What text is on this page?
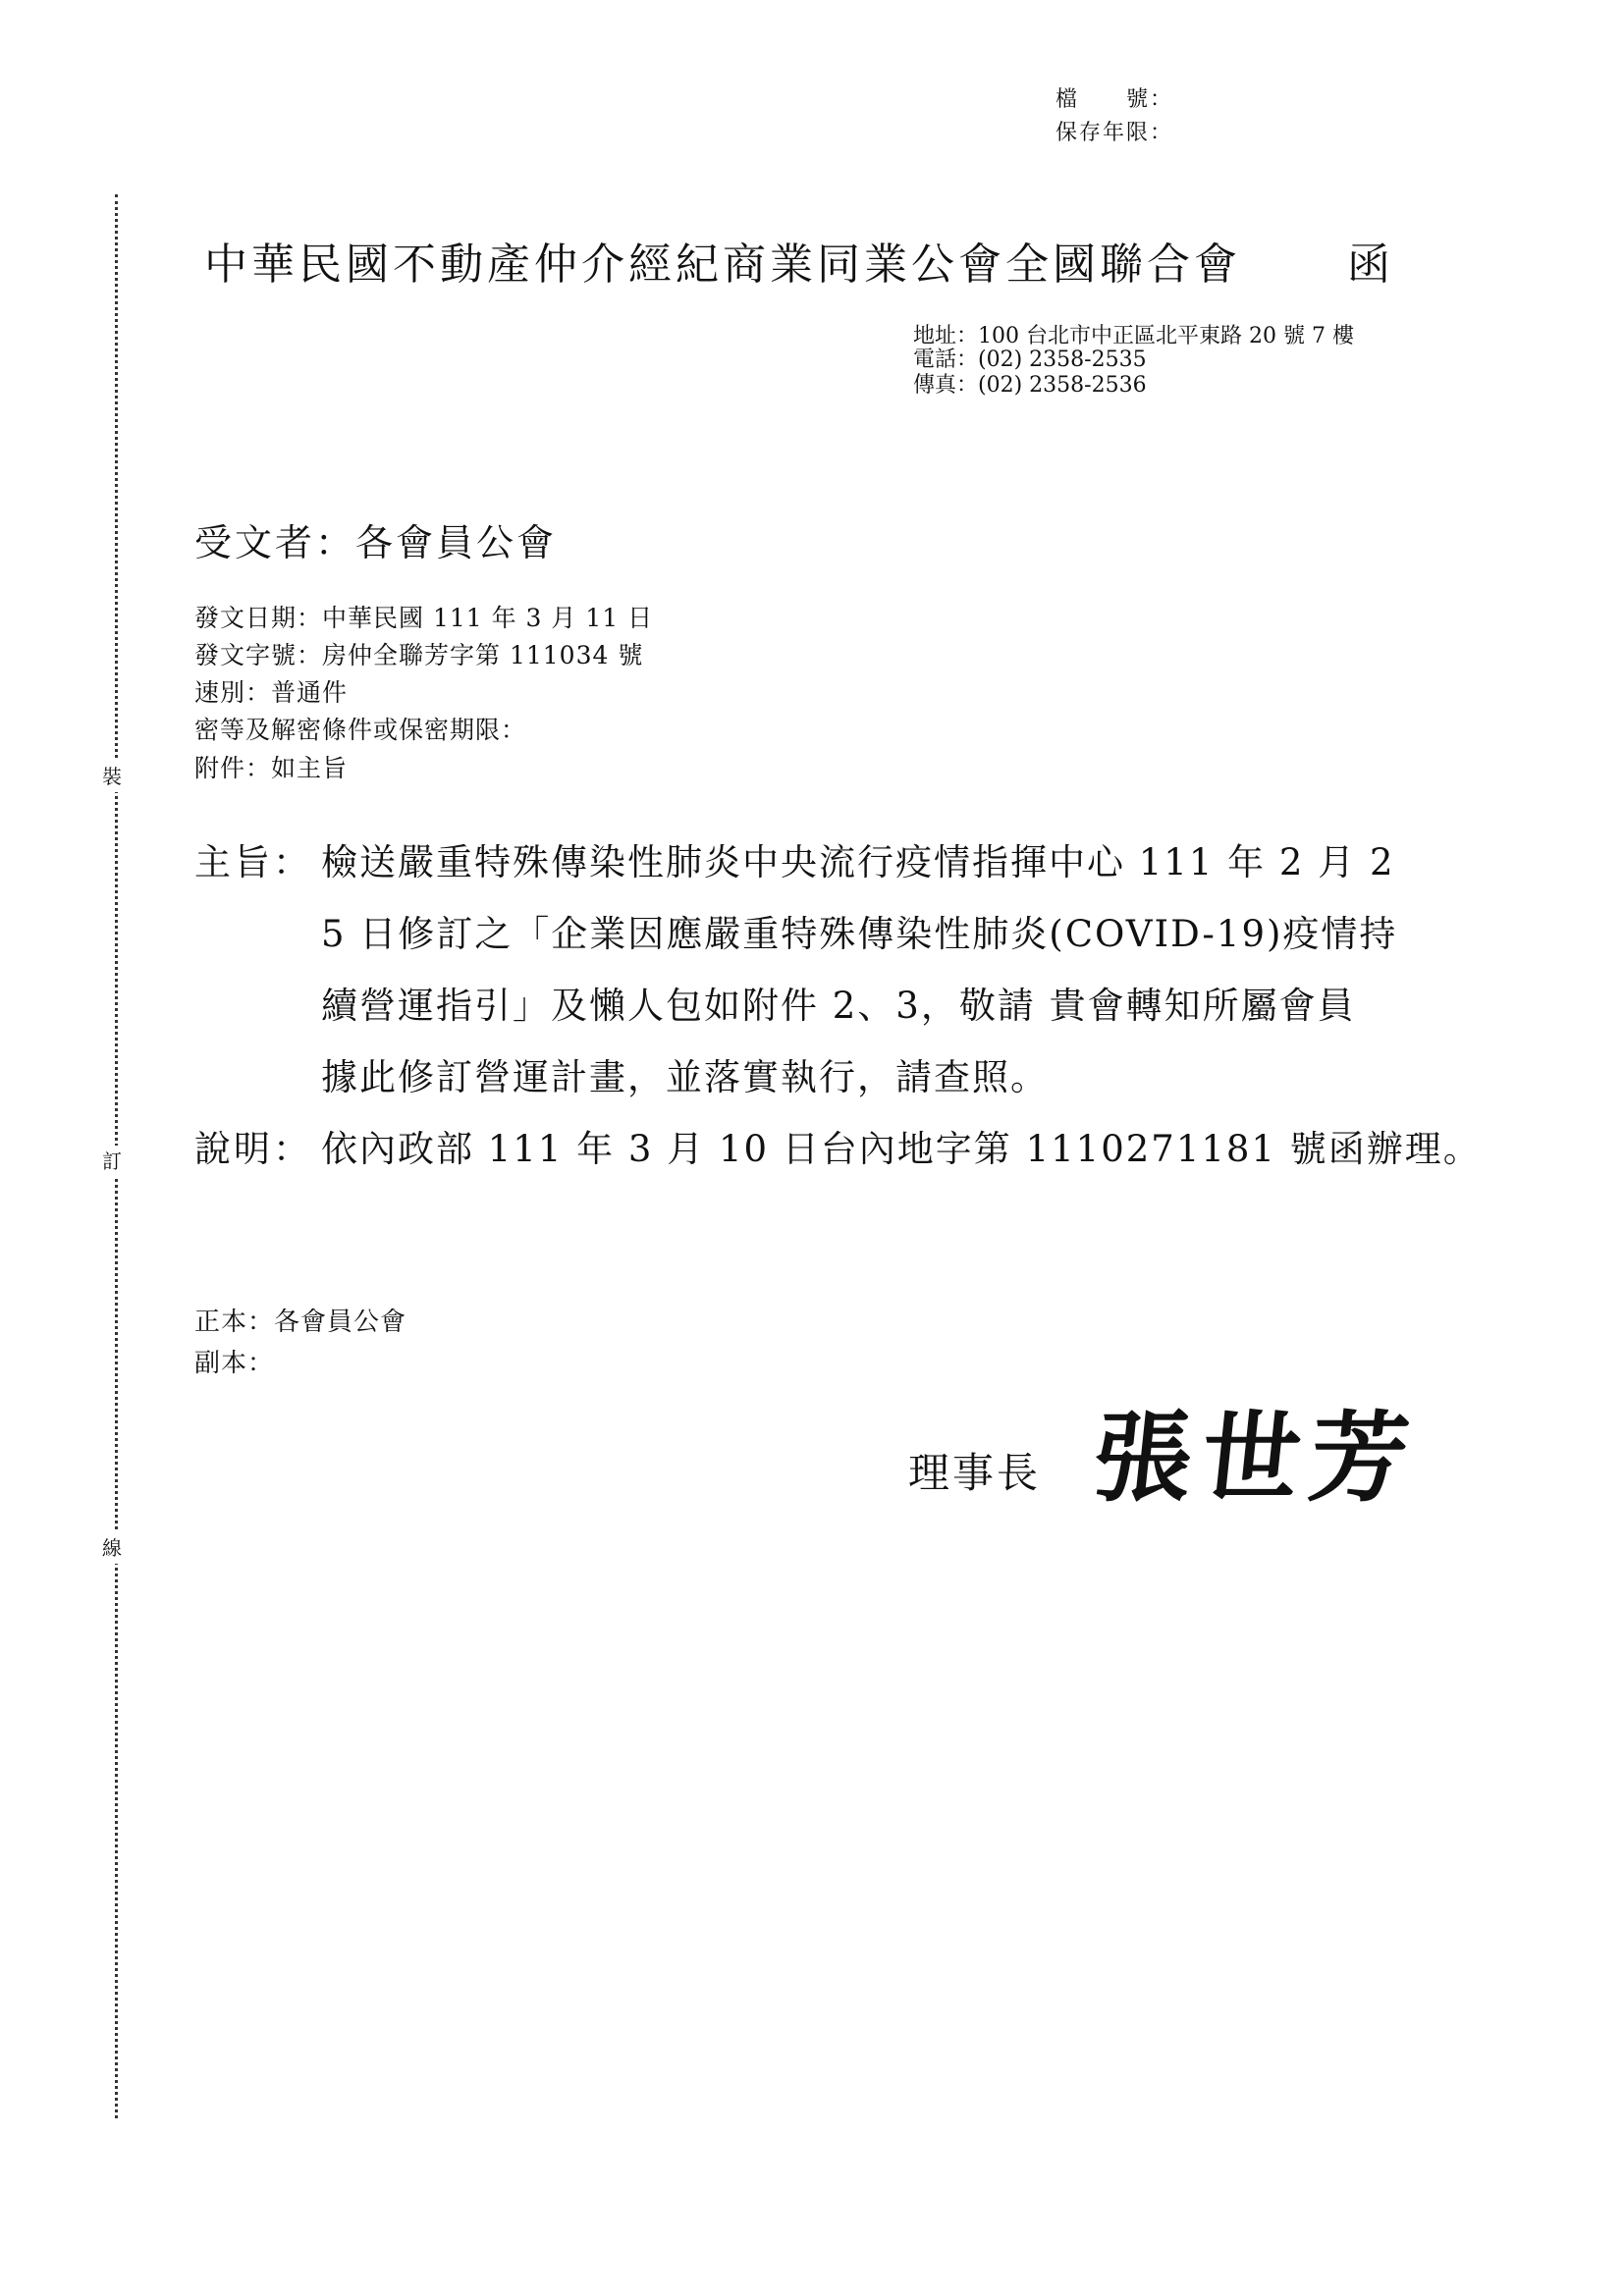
檔　　號：
保存年限：
裝
訂
線
中華民國不動產仲介經紀商業同業公會全國聯合會 函
地址：100 台北市中正區北平東路 20 號 7 樓
電話：(02) 2358-2535
傳真：(02) 2358-2536
受文者：各會員公會
發文日期：中華民國 111 年 3 月 11 日
發文字號：房仲全聯芳字第 111034 號
速別：普通件
密等及解密條件或保密期限：
附件：如主旨
主旨： 檢送嚴重特殊傳染性肺炎中央流行疫情指揮中心 111 年 2 月 2
5 日修訂之「企業因應嚴重特殊傳染性肺炎(COVID-19)疫情持
續營運指引」及懶人包如附件 2、3，敬請 貴會轉知所屬會員
據此修訂營運計畫，並落實執行，請查照。
說明： 依內政部 111 年 3 月 10 日台內地字第 1110271181 號函辦理。
正本：各會員公會
副本：
理事長 張世芳
